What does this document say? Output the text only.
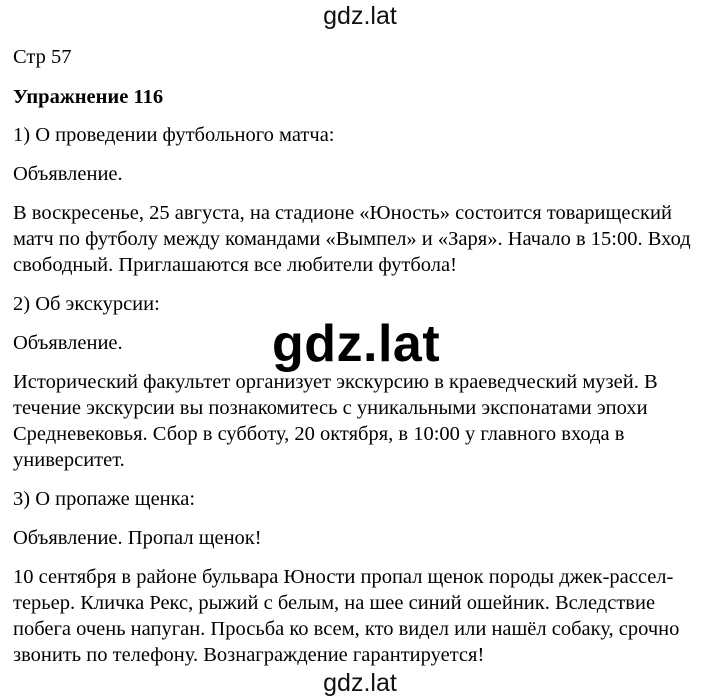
gdz.lat

Стр 57

Упражнение 116

1) О проведении футбольного матча:

Объявление.

В воскресенье, 25 августа, на стадионе «Юность» состоится товарищеский

матч по футболу между командами «Вымпел» и «Заря». Начало в 15:00. Вход

свободный. Приглашаются все любители футбола!

2) Об экскурсии:

Объявление.

Исторический факультет организует экскурсию в краеведческий музей. В

течение экскурсии вы познакомитесь с уникальными экспонатами эпохи

Средневековья. Сбор в субботу, 20 октября, в 10:00 у главного входа в

университет.

3) О пропаже щенка:

Объявление. Пропал щенок!

10 сентября в районе бульвара Юности пропал щенок породы джек-рассел-

терьер. Кличка Рекс, рыжий с белым, на шее синий ошейник. Вследствие

побега очень напуган. Просьба ко всем, кто видел или нашёл собаку, срочно

звонить по телефону. Вознаграждение гарантируется!

gdz.lat
gdz.lat
